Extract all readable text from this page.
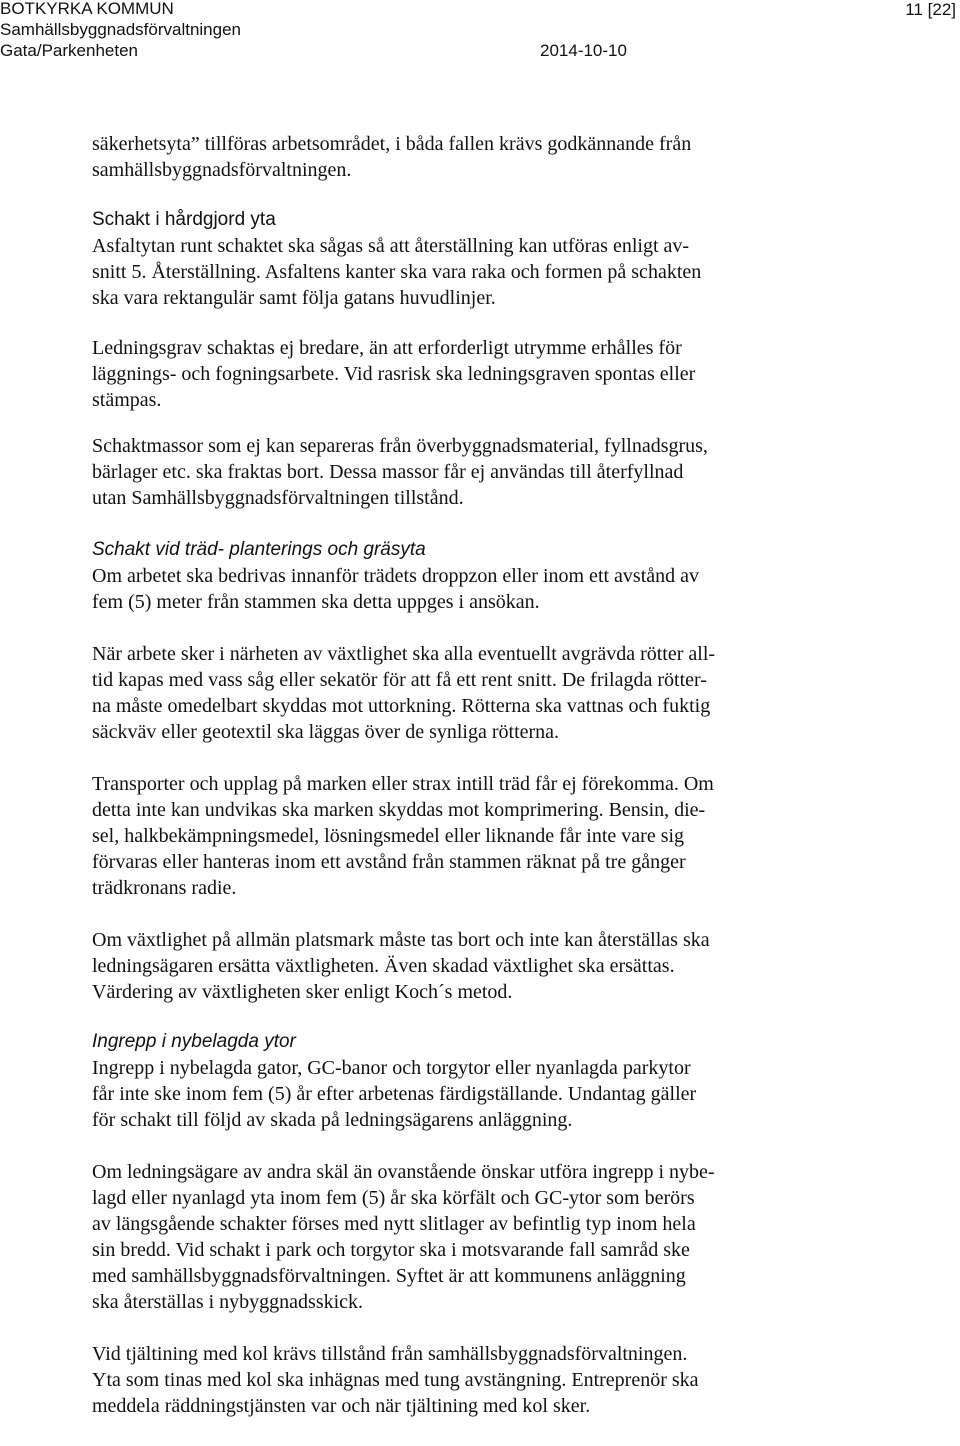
BOTKYRKA KOMMUN
Samhällsbyggnadsförvaltningen
Gata/Parkenheten	2014-10-10
11 [22]

säkerhetsyta” tillföras arbetsområdet, i båda fallen krävs godkännande från
samhällsbyggnadsförvaltningen.

Schakt i hårdgjord yta

Asfaltytan runt schaktet ska sågas så att återställning kan utföras enligt av-
snitt 5. Återställning. Asfaltens kanter ska vara raka och formen på schakten
ska vara rektangulär samt följa gatans huvudlinjer.

Ledningsgrav schaktas ej bredare, än att erforderligt utrymme erhålles för
läggnings- och fogningsarbete. Vid rasrisk ska ledningsgraven spontas eller
stämpas.

Schaktmassor som ej kan separeras från överbyggnadsmaterial, fyllnadsgrus,
bärlager etc. ska fraktas bort. Dessa massor får ej användas till återfyllnad
utan Samhällsbyggnadsförvaltningen tillstånd.

Schakt vid träd- planterings och gräsyta

Om arbetet ska bedrivas innanför trädets droppzon eller inom ett avstånd av
fem (5) meter från stammen ska detta uppges i ansökan.

När arbete sker i närheten av växtlighet ska alla eventuellt avgrävda rötter all-
tid kapas med vass såg eller sekatör för att få ett rent snitt. De frilagda rötter-
na måste omedelbart skyddas mot uttorkning. Rötterna ska vattnas och fuktig
säckväv eller geotextil ska läggas över de synliga rötterna.

Transporter och upplag på marken eller strax intill träd får ej förekomma. Om
detta inte kan undvikas ska marken skyddas mot komprimering. Bensin, die-
sel, halkbekämpningsmedel, lösningsmedel eller liknande får inte vare sig
förvaras eller hanteras inom ett avstånd från stammen räknat på tre gånger
trädkronans radie.

Om växtlighet på allmän platsmark måste tas bort och inte kan återställas ska
ledningsägaren ersätta växtligheten. Även skadad växtlighet ska ersättas.
Värdering av växtligheten sker enligt Koch´s metod.

Ingrepp i nybelagda ytor

Ingrepp i nybelagda gator, GC-banor och torgytor eller nyanlagda parkytor
får inte ske inom fem (5) år efter arbetenas färdigställande. Undantag gäller
för schakt till följd av skada på ledningsägarens anläggning.

Om ledningsägare av andra skäl än ovanstående önskar utföra ingrepp i nybe-
lagd eller nyanlagd yta inom fem (5) år ska körfält och GC-ytor som berörs
av längsgående schakter förses med nytt slitlager av befintlig typ inom hela
sin bredd. Vid schakt i park och torgytor ska i motsvarande fall samråd ske
med samhällsbyggnadsförvaltningen. Syftet är att kommunens anläggning
ska återställas i nybyggnadsskick.

Vid tjältining med kol krävs tillstånd från samhällsbyggnadsförvaltningen.
Yta som tinas med kol ska inhägnas med tung avstängning. Entreprenör ska
meddela räddningstjänsten var och när tjältining med kol sker.
